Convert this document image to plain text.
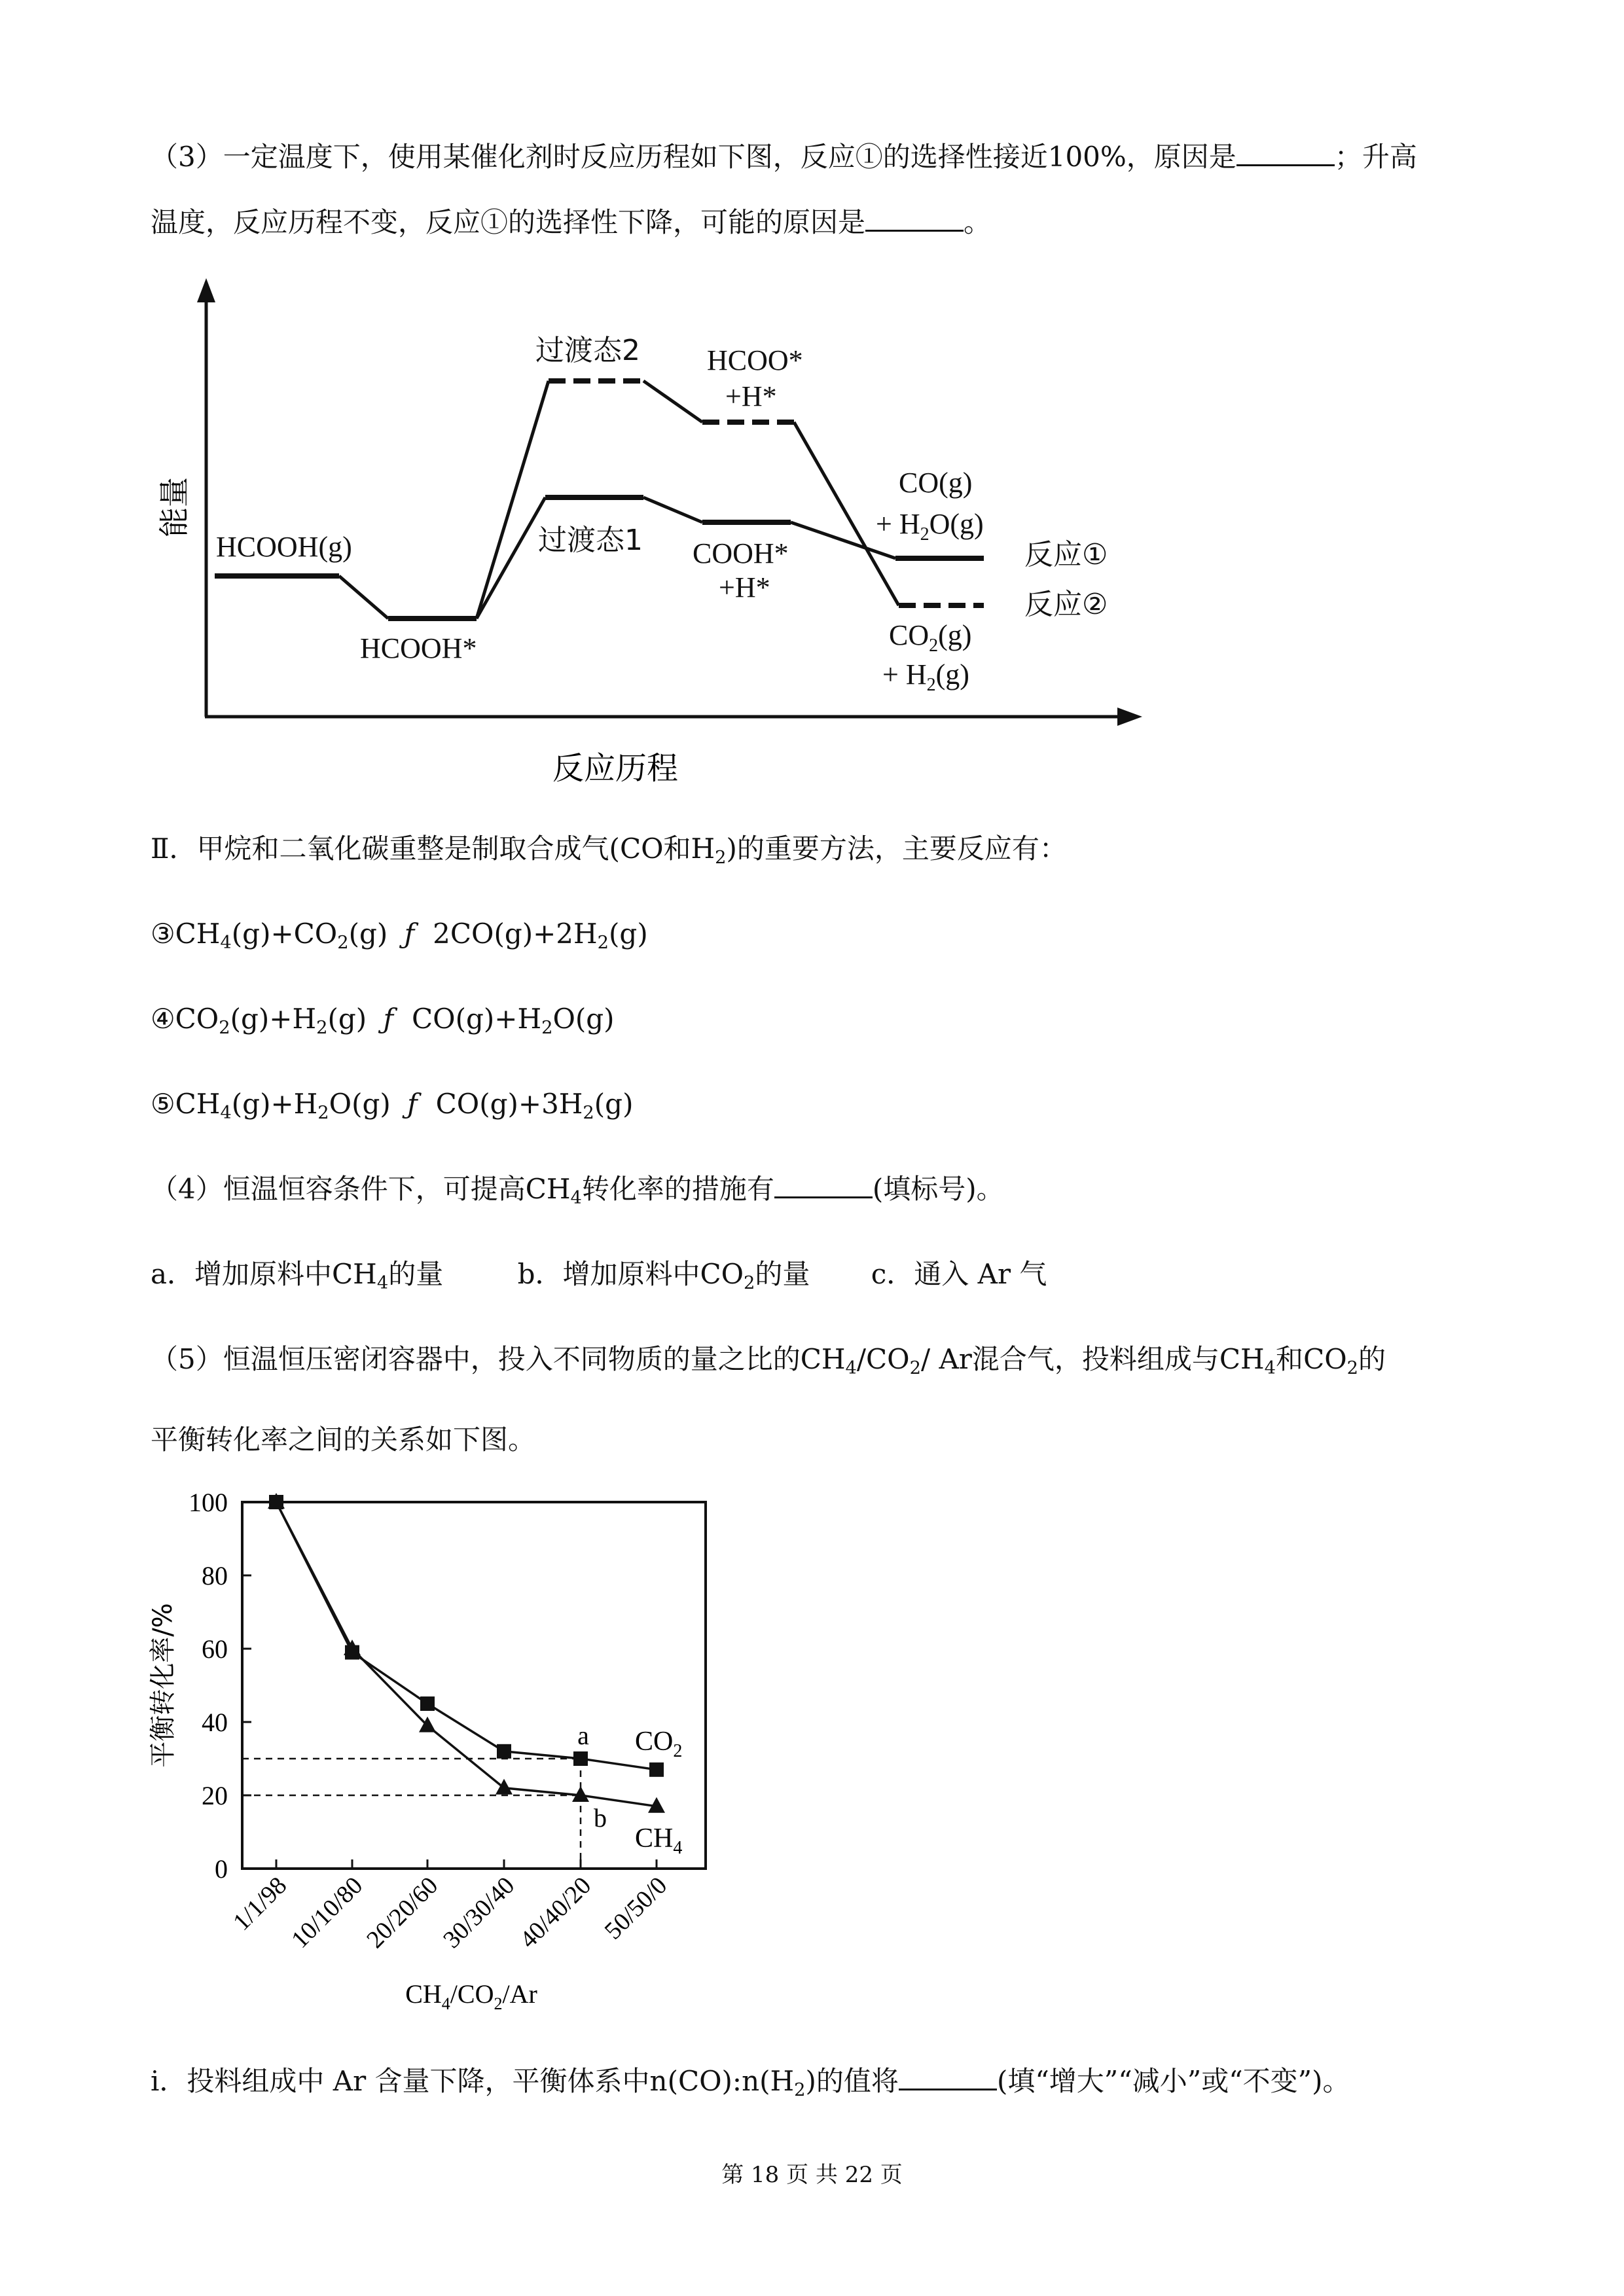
（3）一定温度下，使用某催化剂时反应历程如下图，反应①的选择性接近100%，原因是	；升高
温度，反应历程不变，反应①的选择性下降，可能的原因是	。
能量
反应历程
HCOOH(g)
HCOOH*
过渡态2 HCOO*
+H*
过渡态1 COOH*
+H*
CO(g)
+ $H_2O(g)$
$CO_2(g)$
+ $H_2(g)$
反应①
反应②
Ⅱ．甲烷和二氧化碳重整是制取合成气(CO和$H_2$)的重要方法，主要反应有：
$③CH_4(g)+CO_2(g)$ ƒ $2CO(g)+2H_2(g)$
$④CO_2(g)+H_2(g)$ ƒ $CO(g)+H_2O(g)$
$⑤CH_4(g)+H_2O(g)$ ƒ $CO(g)+3H_2(g)$
（4）恒温恒容条件下，可提高$CH_4$转化率的措施有	(填标号)。
a．增加原料中$CH_4$的量	b．增加原料中$CO_2$的量 c．通入 Ar 气
（5）恒温恒压密闭容器中，投入不同物质的量之比的$CH_4/CO_2/$ Ar混合气，投料组成与$CH_4$和$CO_2$的
平衡转化率之间的关系如下图。
0
20
40
60
80
100
1/1/98
10/10/80
20/20/60
30/30/40
40/40/20 50/50/0
a
b
$CO_2$
$CH_4$
平衡转化率/%
$CH_4/CO_2/Ar$
i．投料组成中 Ar 含量下降，平衡体系中$n(CO):n(H_2)$的值将	(填“增大”“减小”或“不变”)。
第 18 页 共 22 页
